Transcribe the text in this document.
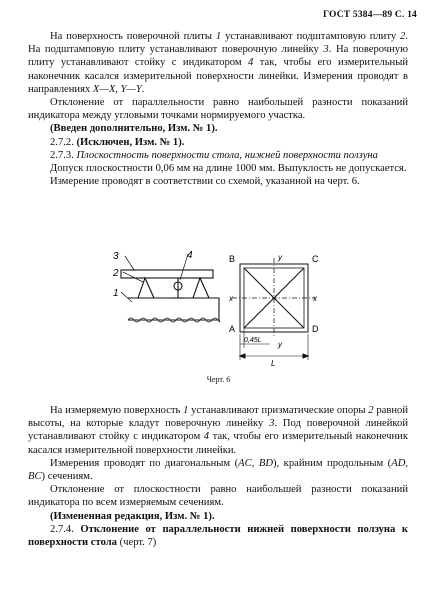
ГОСТ 5384—89 С. 14

На поверхность поверочной плиты 1 устанавливают подштамповую плиту 2. На подштамповую плиту устанавливают поверочную линейку 3. На поверочную плиту устанавливают стойку с индикатором 4 так, чтобы его измерительный наконечник касался измерительной поверхности линейки. Измерения проводят в направлениях X—X, Y—Y.

Отклонение от параллельности равно наибольшей разности показаний индикатора между угловыми точками нормируемого участка.

(Введен дополнительно, Изм. № 1).

2.7.2. (Исключен, Изм. № 1).

2.7.3. Плоскостность поверхности стола, нижней поверхности ползуна

Допуск плоскостности 0,06 мм на длине 1000 мм. Выпуклость не допускается.

Измерение проводят в соответствии со схемой, указанной на черт. 6.

3
2
1
4	B	C
A	D
y
y
x	x
0,45L
L
Черт. 6

На измеряемую поверхность 1 устанавливают призматические опоры 2 равной высоты, на которые кладут поверочную линейку 3. Под поверочной линейкой устанавливают стойку с индикатором 4 так, чтобы его измерительный наконечник касался измерительной поверхности линейки.

Измерения проводят по диагональным (AC, BD), крайним продольным (AD, BC) сечениям.

Отклонение от плоскостности равно наибольшей разности показаний индикатора по всем измеряемым сечениям.

(Измененная редакция, Изм. № 1).

2.7.4. Отклонение от параллельности нижней поверхности ползуна к поверхности стола (черт. 7)
